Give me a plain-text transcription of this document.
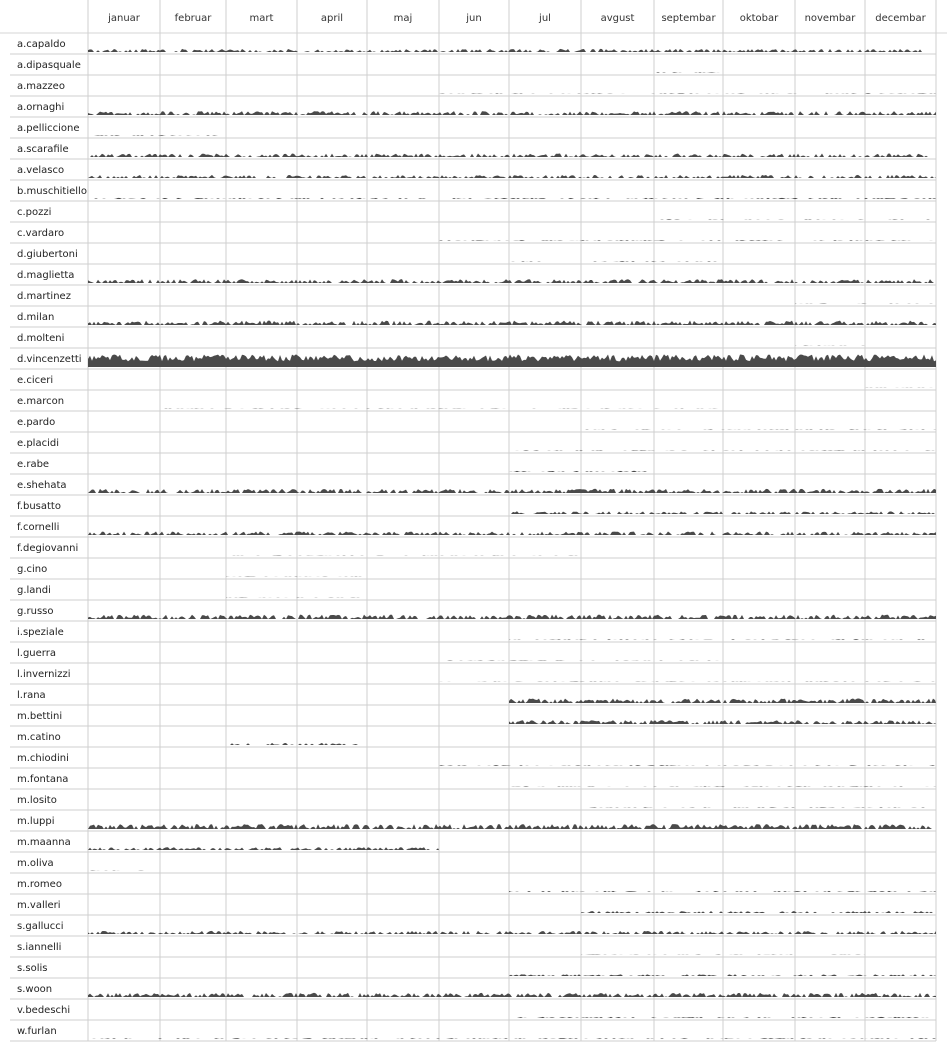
januar	februar	mart	april	maj	jun	jul	avgust	septembar oktobar	novembar decembar
a.capaldo
a.dipasquale
a.mazzeo
a.ornaghi
a.pelliccione
a.scarafile
a.velasco
b.muschitiello
c.pozzi
c.vardaro
d.giubertoni
d.maglietta
d.martinez
d.milan
d.molteni
d.vincenzetti
e.ciceri
e.marcon
e.pardo
e.placidi
e.rabe
e.shehata
f.busatto
f.cornelli
f.degiovanni
g.cino
g.landi
g.russo
i.speziale
l.guerra
l.invernizzi
l.rana
m.bettini
m.catino
m.chiodini
m.fontana
m.losito
m.luppi
m.maanna
m.oliva
m.romeo
m.valleri
s.gallucci
s.iannelli
s.solis
s.woon
v.bedeschi
w.furlan
